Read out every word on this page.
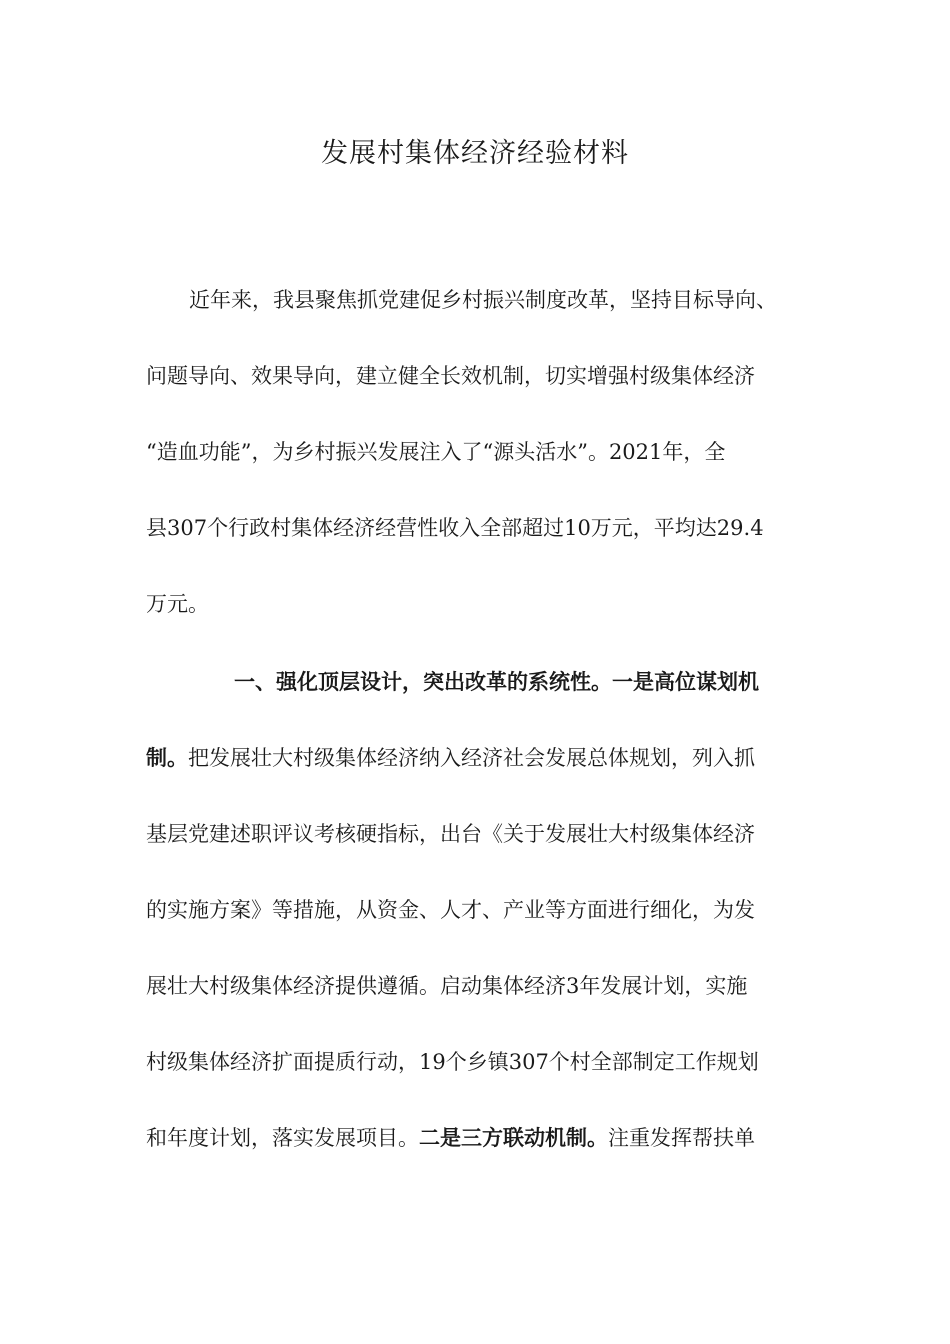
发展村集体经济经验材料
近年来，我县聚焦抓党建促乡村振兴制度改革，坚持目标导向、
问题导向、效果导向，建立健全长效机制，切实增强村级集体经济
“造血功能”，为乡村振兴发展注入了“源头活水”。2021年，全
县307个行政村集体经济经营性收入全部超过10万元，平均达29.4
万元。
一、强化顶层设计，突出改革的系统性。一是高位谋划机
制。把发展壮大村级集体经济纳入经济社会发展总体规划，列入抓
基层党建述职评议考核硬指标，出台《关于发展壮大村级集体经济
的实施方案》等措施，从资金、人才、产业等方面进行细化，为发
展壮大村级集体经济提供遵循。启动集体经济3年发展计划，实施
村级集体经济扩面提质行动，19个乡镇307个村全部制定工作规划
和年度计划，落实发展项目。二是三方联动机制。注重发挥帮扶单
